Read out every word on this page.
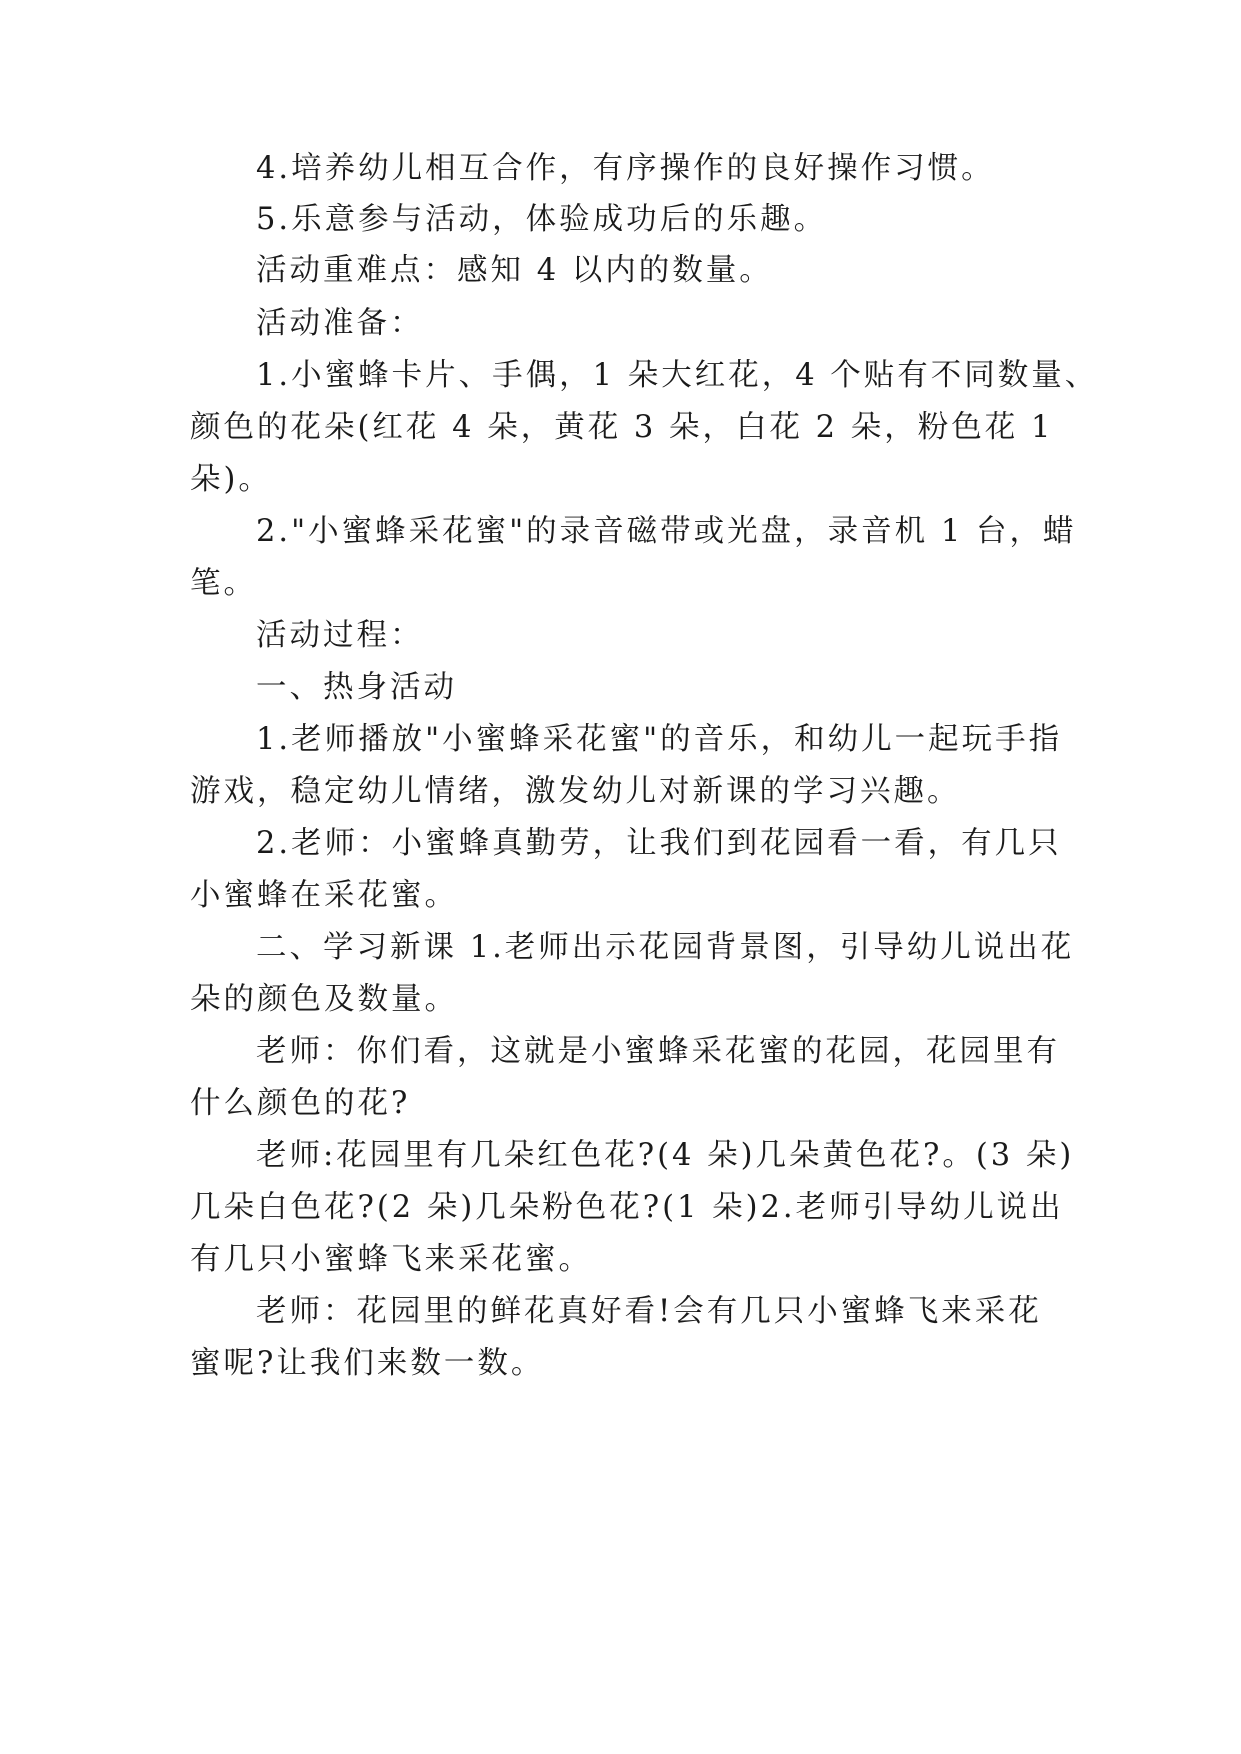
4.培养幼儿相互合作，有序操作的良好操作习惯。

5.乐意参与活动，体验成功后的乐趣。

活动重难点：感知 4 以内的数量。

活动准备：

1.小蜜蜂卡片、手偶，1 朵大红花，4 个贴有不同数量、

颜色的花朵(红花 4 朵，黄花 3 朵，白花 2 朵，粉色花 1

朵)。

2."小蜜蜂采花蜜"的录音磁带或光盘，录音机 1 台，蜡

笔。

活动过程：

一、热身活动

1.老师播放"小蜜蜂采花蜜"的音乐，和幼儿一起玩手指

游戏，稳定幼儿情绪，激发幼儿对新课的学习兴趣。

2.老师：小蜜蜂真勤劳，让我们到花园看一看，有几只

小蜜蜂在采花蜜。

二、学习新课 1.老师出示花园背景图，引导幼儿说出花

朵的颜色及数量。

老师：你们看，这就是小蜜蜂采花蜜的花园，花园里有

什么颜色的花?

老师:花园里有几朵红色花?(4 朵)几朵黄色花?。(3 朵)

几朵白色花?(2 朵)几朵粉色花?(1 朵)2.老师引导幼儿说出

有几只小蜜蜂飞来采花蜜。

老师：花园里的鲜花真好看!会有几只小蜜蜂飞来采花

蜜呢?让我们来数一数。
